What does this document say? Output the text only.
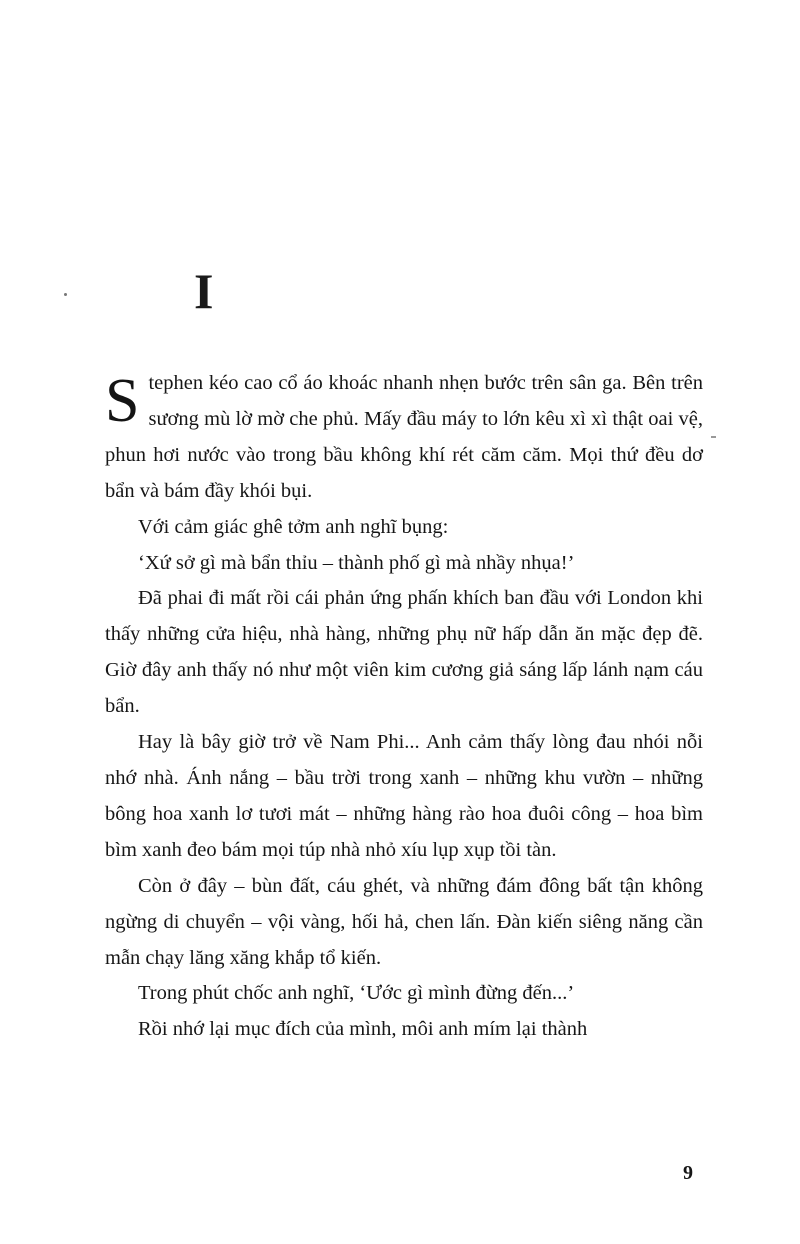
I

Stephen kéo cao cổ áo khoác nhanh nhẹn bước trên sân ga. Bên trên sương mù lờ mờ che phủ. Mấy đầu máy to lớn kêu xì xì thật oai vệ, phun hơi nước vào trong bầu không khí rét căm căm. Mọi thứ đều dơ bẩn và bám đầy khói bụi.

Với cảm giác ghê tởm anh nghĩ bụng:

‘Xứ sở gì mà bẩn thỉu – thành phố gì mà nhầy nhụa!’

Đã phai đi mất rồi cái phản ứng phấn khích ban đầu với London khi thấy những cửa hiệu, nhà hàng, những phụ nữ hấp dẫn ăn mặc đẹp đẽ. Giờ đây anh thấy nó như một viên kim cương giả sáng lấp lánh nạm cáu bẩn.

Hay là bây giờ trở về Nam Phi... Anh cảm thấy lòng đau nhói nỗi nhớ nhà. Ánh nắng – bầu trời trong xanh – những khu vườn – những bông hoa xanh lơ tươi mát – những hàng rào hoa đuôi công – hoa bìm bìm xanh đeo bám mọi túp nhà nhỏ xíu lụp xụp tồi tàn.

Còn ở đây – bùn đất, cáu ghét, và những đám đông bất tận không ngừng di chuyển – vội vàng, hối hả, chen lấn. Đàn kiến siêng năng cần mẫn chạy lăng xăng khắp tổ kiến.

Trong phút chốc anh nghĩ, ‘Ước gì mình đừng đến...’

Rồi nhớ lại mục đích của mình, môi anh mím lại thành

9
